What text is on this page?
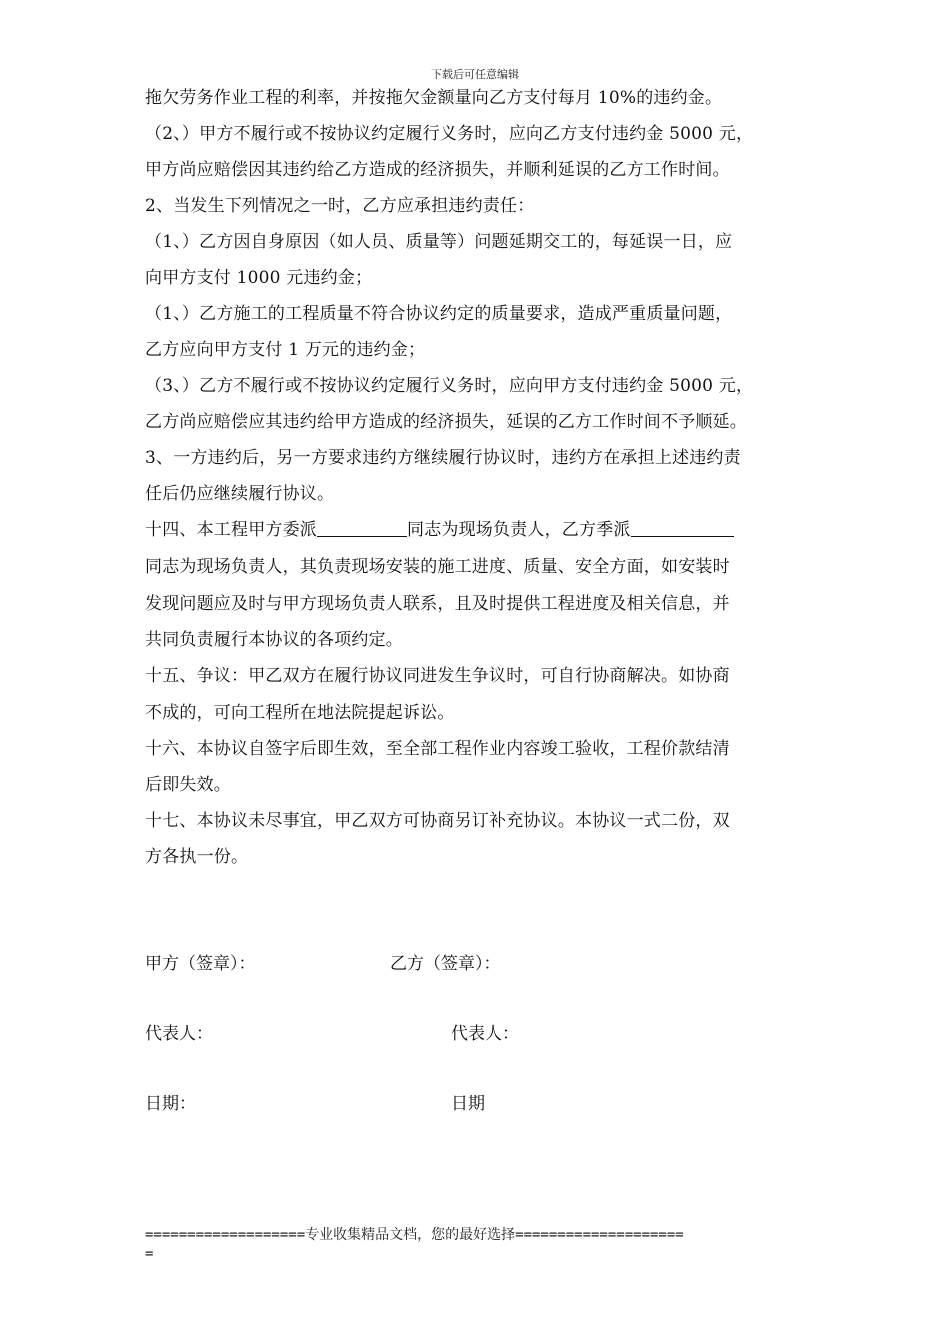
下载后可任意编辑
拖欠劳务作业工程的利率，并按拖欠金额量向乙方支付每月 10%的违约金。
（2、）甲方不履行或不按协议约定履行义务时，应向乙方支付违约金 5000 元，
甲方尚应赔偿因其违约给乙方造成的经济损失，并顺利延误的乙方工作时间。
2、当发生下列情况之一时，乙方应承担违约责任：
（1、）乙方因自身原因（如人员、质量等）问题延期交工的，每延误一日，应
向甲方支付 1000 元违约金；
（1、）乙方施工的工程质量不符合协议约定的质量要求，造成严重质量问题，
乙方应向甲方支付 1 万元的违约金；
（3、）乙方不履行或不按协议约定履行义务时，应向甲方支付违约金 5000 元，
乙方尚应赔偿应其违约给甲方造成的经济损失，延误的乙方工作时间不予顺延。
3、一方违约后，另一方要求违约方继续履行协议时，违约方在承担上述违约责
任后仍应继续履行协议。
十四、本工程甲方委派	同志为现场负责人，乙方季派
同志为现场负责人，其负责现场安装的施工进度、质量、安全方面，如安装时
发现问题应及时与甲方现场负责人联系，且及时提供工程进度及相关信息，并
共同负责履行本协议的各项约定。
十五、争议：甲乙双方在履行协议同进发生争议时，可自行协商解决。如协商
不成的，可向工程所在地法院提起诉讼。
十六、本协议自签字后即生效，至全部工程作业内容竣工验收，工程价款结清
后即失效。
十七、本协议未尽事宜，甲乙双方可协商另订补充协议。本协议一式二份，双
方各执一份。
甲方（签章）：	乙方（签章）：
代表人：	代表人：
日期：	日期
===================专业收集精品文档，您的最好选择====================
=
